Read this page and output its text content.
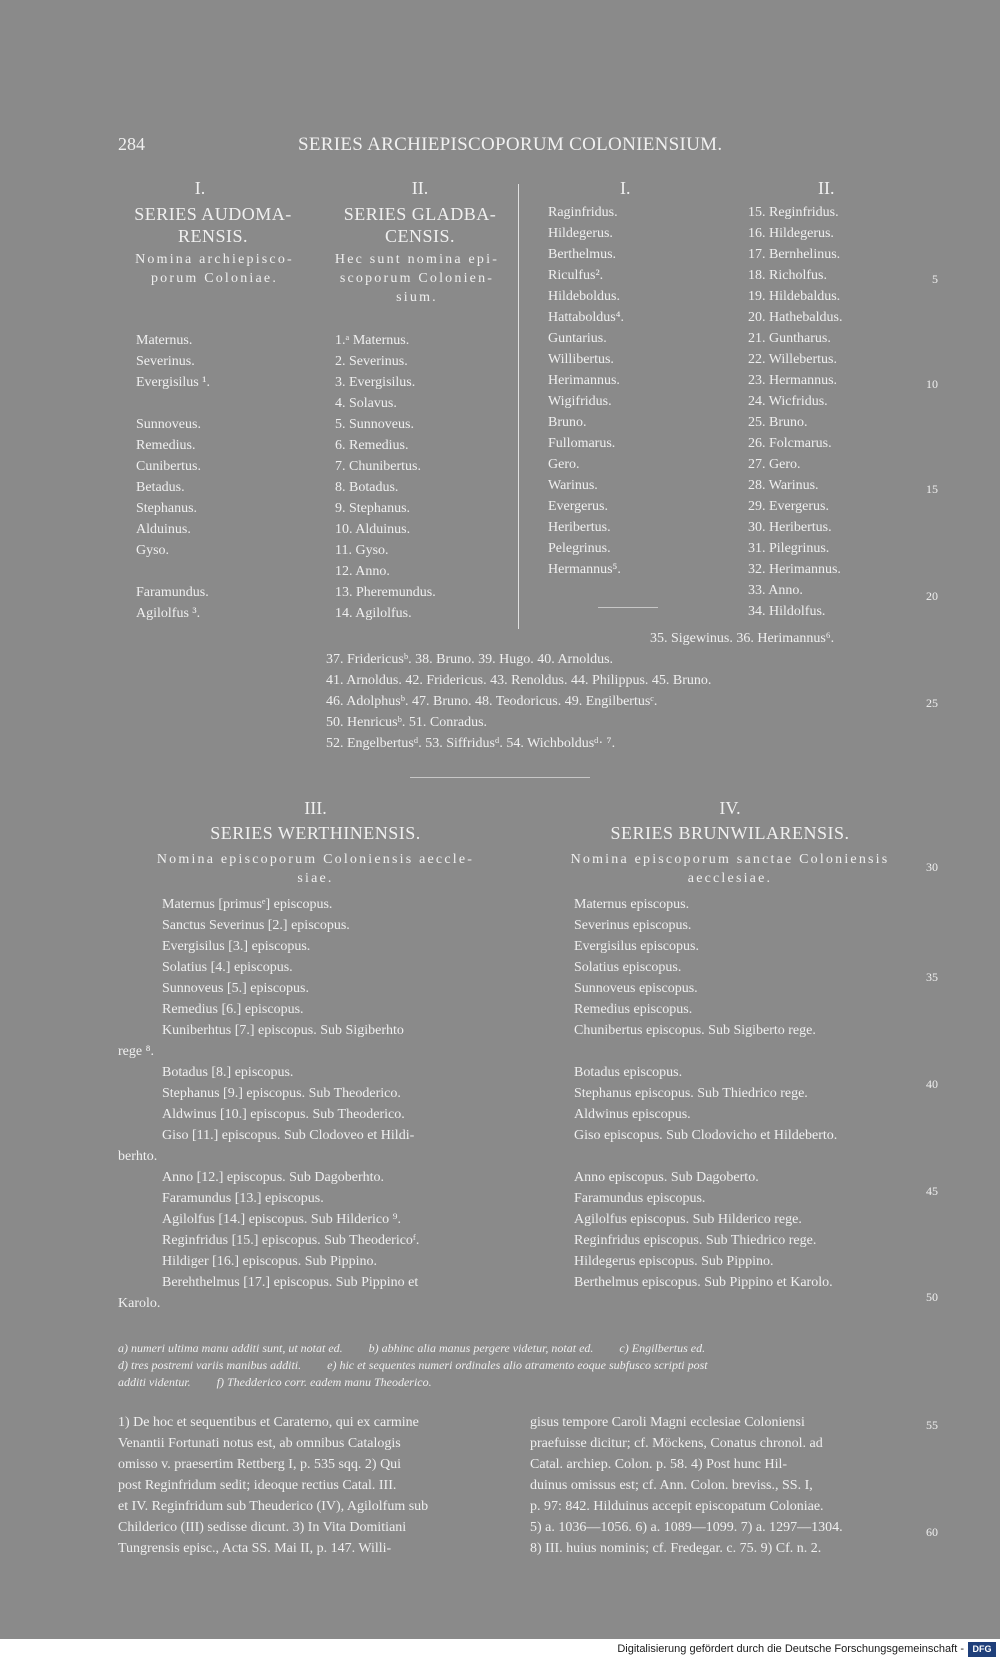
284	SERIES ARCHIEPISCOPORUM COLONIENSIUM.
I.
SERIES AUDOMA-
RENSIS.
Nomina archiepisco-
porum Coloniae.
Maternus.
Severinus.
Evergisilus ¹.
Sunnoveus.
Remedius.
Cunibertus.
Betadus.
Stephanus.
Alduinus.
Gyso.
Faramundus.
Agilolfus ³.
II.
SERIES GLADBA-
CENSIS.
Hec sunt nomina epi-
scoporum Colonien-
sium.
1.ᵃ Maternus.
2. Severinus.
3. Evergisilus.
4. Solavus.
5. Sunnoveus.
6. Remedius.
7. Chunibertus.
8. Botadus.
9. Stephanus.
10. Alduinus.
11. Gyso.
12. Anno.
13. Pheremundus.
14. Agilolfus.
I.	II.
Raginfridus.
Hildegerus.
Berthelmus.
Riculfus².
Hildeboldus.
Hattaboldus⁴.
Guntarius.
Willibertus.
Herimannus.
Wigifridus.
Bruno.
Fullomarus.
Gero.
Warinus.
Evergerus.
Heribertus.
Pelegrinus.
Hermannus⁵.
15. Reginfridus.
16. Hildegerus.
17. Bernhelinus.
18. Richolfus.
19. Hildebaldus.
20. Hathebaldus.
21. Guntharus.
22. Willebertus.
23. Hermannus.
24. Wicfridus.
25. Bruno.
26. Folcmarus.
27. Gero.
28. Warinus.
29. Evergerus.
30. Heribertus.
31. Pilegrinus.
32. Herimannus.
33. Anno.
34. Hildolfus.
35. Sigewinus. 36. Herimannus⁶.
37. Fridericusᵇ. 38. Bruno. 39. Hugo. 40. Arnoldus.
41. Arnoldus. 42. Fridericus. 43. Renoldus. 44. Philippus. 45. Bruno.
46. Adolphusᵇ. 47. Bruno. 48. Teodoricus. 49. Engilbertusᶜ.
50. Henricusᵇ. 51. Conradus.
52. Engelbertusᵈ. 53. Siffridusᵈ. 54. Wichboldusᵈ· ⁷.
III.
SERIES WERTHINENSIS.
Nomina episcoporum Coloniensis aeccle-
siae.
Maternus [primusᵉ] episcopus.
Sanctus Severinus [2.] episcopus.
Evergisilus [3.] episcopus.
Solatius [4.] episcopus.
Sunnoveus [5.] episcopus.
Remedius [6.] episcopus.
Kuniberhtus [7.] episcopus. Sub Sigiberhto
rege ⁸.
Botadus [8.] episcopus.
Stephanus [9.] episcopus. Sub Theoderico.
Aldwinus [10.] episcopus. Sub Theoderico.
Giso [11.] episcopus. Sub Clodoveo et Hildi-
berhto.
Anno [12.] episcopus. Sub Dagoberhto.
Faramundus [13.] episcopus.
Agilolfus [14.] episcopus. Sub Hilderico ⁹.
Reginfridus [15.] episcopus. Sub Theodericoᶠ.
Hildiger [16.] episcopus. Sub Pippino.
Berehthelmus [17.] episcopus. Sub Pippino et
Karolo.
IV.
SERIES BRUNWILARENSIS.
Nomina episcoporum sanctae Coloniensis
aecclesiae.
Maternus episcopus.
Severinus episcopus.
Evergisilus episcopus.
Solatius episcopus.
Sunnoveus episcopus.
Remedius episcopus.
Chunibertus episcopus. Sub Sigiberto rege.
Botadus episcopus.
Stephanus episcopus. Sub Thiedrico rege.
Aldwinus episcopus.
Giso episcopus. Sub Clodovicho et Hildeberto.
Anno episcopus. Sub Dagoberto.
Faramundus episcopus.
Agilolfus episcopus. Sub Hilderico rege.
Reginfridus episcopus. Sub Thiedrico rege.
Hildegerus episcopus. Sub Pippino.
Berthelmus episcopus. Sub Pippino et Karolo.
5
10
15
20
25
30
35
40
45
50
55
60
a) numeri ultima manu additi sunt, ut notat ed. b) abhinc alia manus pergere videtur, notat ed. c) Engilbertus ed.
d) tres postremi variis manibus additi. e) hic et sequentes numeri ordinales alio atramento eoque subfusco scripti post
additi videntur. f) Theddericо corr. eadem manu Theoderico.
1) De hoc et sequentibus et Caraterno, qui ex carmine
Venantii Fortunati notus est, ab omnibus Catalogis
omisso v. praesertim Rettberg I, p. 535 sqq. 2) Qui
post Reginfridum sedit; ideoque rectius Catal. III.
et IV. Reginfridum sub Theuderico (IV), Agilolfum sub
Childerico (III) sedisse dicunt. 3) In Vita Domitiani
Tungrensis episc., Acta SS. Mai II, p. 147. Willi-
gisus tempore Caroli Magni ecclesiae Coloniensi
praefuisse dicitur; cf. Möckens, Conatus chronol. ad
Catal. archiep. Colon. p. 58. 4) Post hunc Hil-
duinus omissus est; cf. Ann. Colon. breviss., SS. I,
p. 97: 842. Hilduinus accepit episcopatum Coloniae.
5) a. 1036—1056. 6) a. 1089—1099. 7) a. 1297—1304.
8) III. huius nominis; cf. Fredegar. c. 75. 9) Cf. n. 2.
Digitalisierung gefördert durch die Deutsche Forschungsgemeinschaft - DFG
